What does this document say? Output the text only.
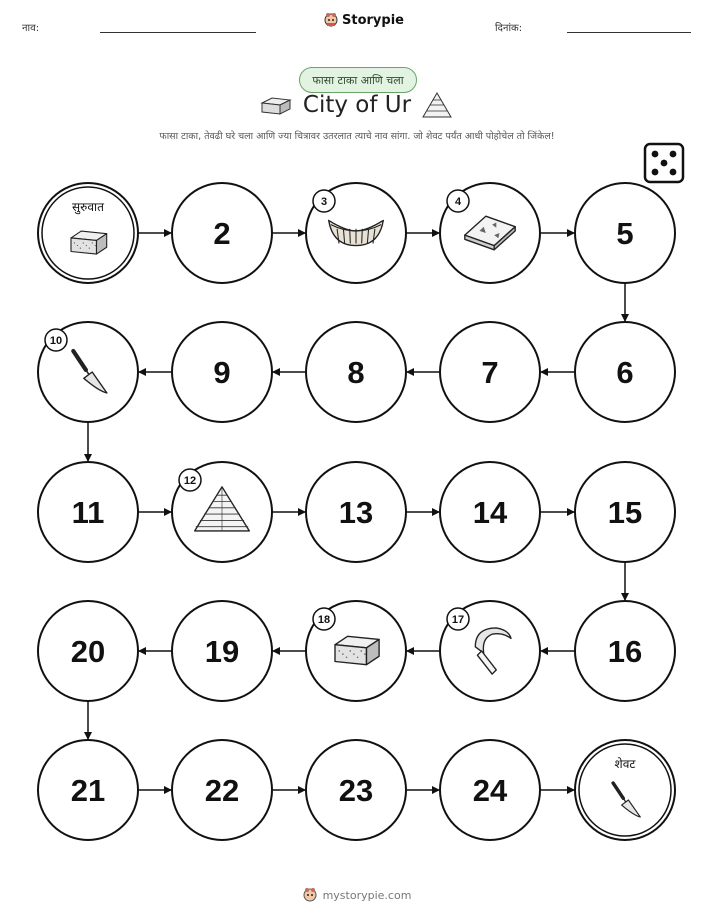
नाव:
Storypie
दिनांक:
फासा टाका आणि चला
City of Ur
फासा टाका, तेवढी घरे चला आणि ज्या चित्रावर उतरलात त्याचे नाव सांगा. जो शेवट पर्यंत आधी पोहोचेल तो जिंकेल!
सुरुवात
2
3	4
5
6
7
8
9
10
11
12
13	14	15
16
17
18
19
20
21	22	23	24
शेवट
mystorypie.com
